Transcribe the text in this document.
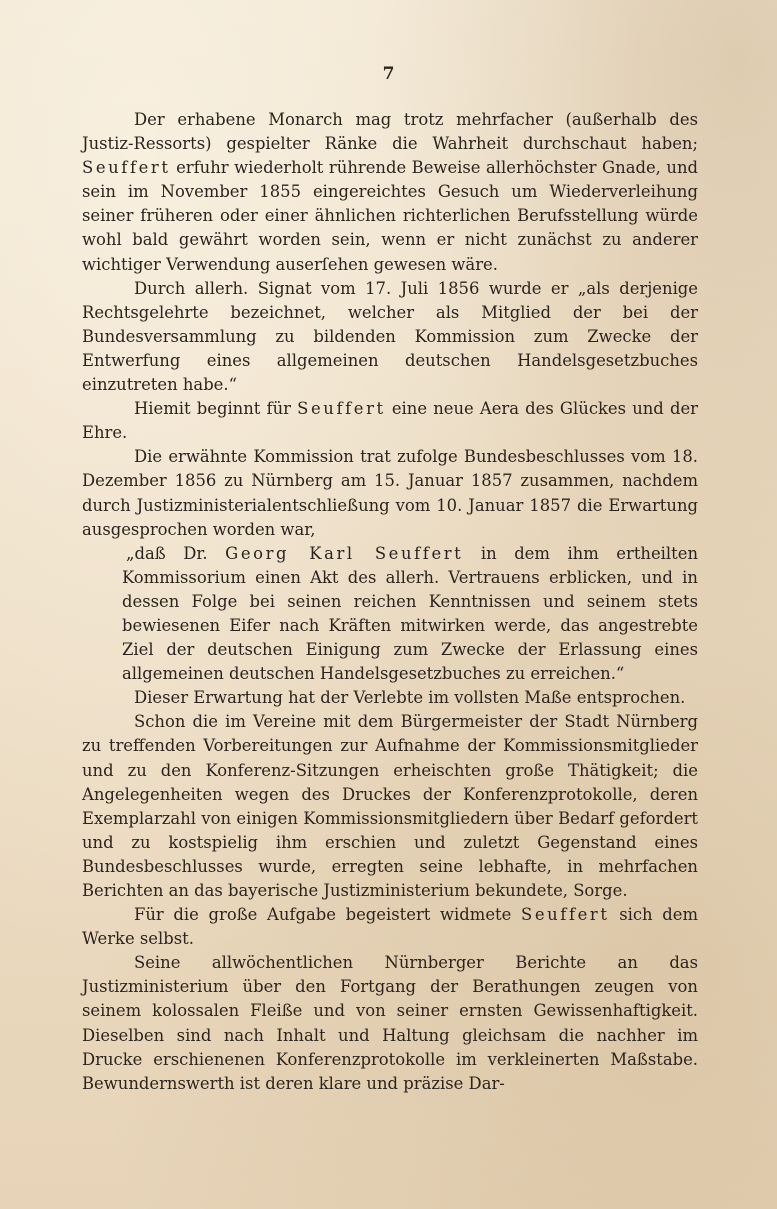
7

Der erhabene Monarch mag trotz mehrfacher (außerhalb des Justiz-Ressorts) gespielter Ränke die Wahrheit durchschaut haben; Seuffert erfuhr wiederholt rührende Beweise allerhöchster Gnade, und sein im November 1855 eingereichtes Gesuch um Wiederverleihung seiner früheren oder einer ähnlichen richterlichen Berufsstellung würde wohl bald gewährt worden sein, wenn er nicht zunächst zu anderer wichtiger Verwendung auserſehen gewesen wäre.

Durch allerh. Signat vom 17. Juli 1856 wurde er „als derjenige Rechtsgelehrte bezeichnet, welcher als Mitglied der bei der Bundesversammlung zu bildenden Kommission zum Zwecke der Entwerfung eines allgemeinen deutschen Handelsgesetzbuches einzutreten habe.“

Hiemit beginnt für Seuffert eine neue Aera des Glückes und der Ehre.

Die erwähnte Kommission trat zufolge Bundesbeschlusses vom 18. Dezember 1856 zu Nürnberg am 15. Januar 1857 zusammen, nachdem durch Justizministerialentschließung vom 10. Januar 1857 die Erwartung ausgesprochen worden war,

„daß Dr. Georg Karl Seuffert in dem ihm ertheilten Kommissorium einen Akt des allerh. Vertrauens erblicken, und in dessen Folge bei seinen reichen Kenntnissen und seinem stets bewiesenen Eifer nach Kräften mitwirken werde, das angestrebte Ziel der deutschen Einigung zum Zwecke der Erlassung eines allgemeinen deutschen Handelsgesetzbuches zu erreichen.“

Dieser Erwartung hat der Verlebte im vollsten Maße entsprochen.

Schon die im Vereine mit dem Bürgermeister der Stadt Nürnberg zu treffenden Vorbereitungen zur Aufnahme der Kommissionsmitglieder und zu den Konferenz-Sitzungen erheischten große Thätigkeit; die Angelegenheiten wegen des Druckes der Konferenzprotokolle, deren Exemplarzahl von einigen Kommissionsmitgliedern über Bedarf gefordert und zu kostspielig ihm erschien und zuletzt Gegenstand eines Bundesbeschlusses wurde, erregten seine lebhafte, in mehrfachen Berichten an das bayerische Justizministerium bekundete, Sorge.

Für die große Aufgabe begeistert widmete Seuffert sich dem Werke selbst.

Seine allwöchentlichen Nürnberger Berichte an das Justizministerium über den Fortgang der Berathungen zeugen von seinem kolossalen Fleiße und von seiner ernsten Gewissenhaftigkeit. Dieselben sind nach Inhalt und Haltung gleichsam die nachher im Drucke erschienenen Konferenzprotokolle im verkleinerten Maßstabe. Bewundernswerth ist deren klare und präzise Dar-
